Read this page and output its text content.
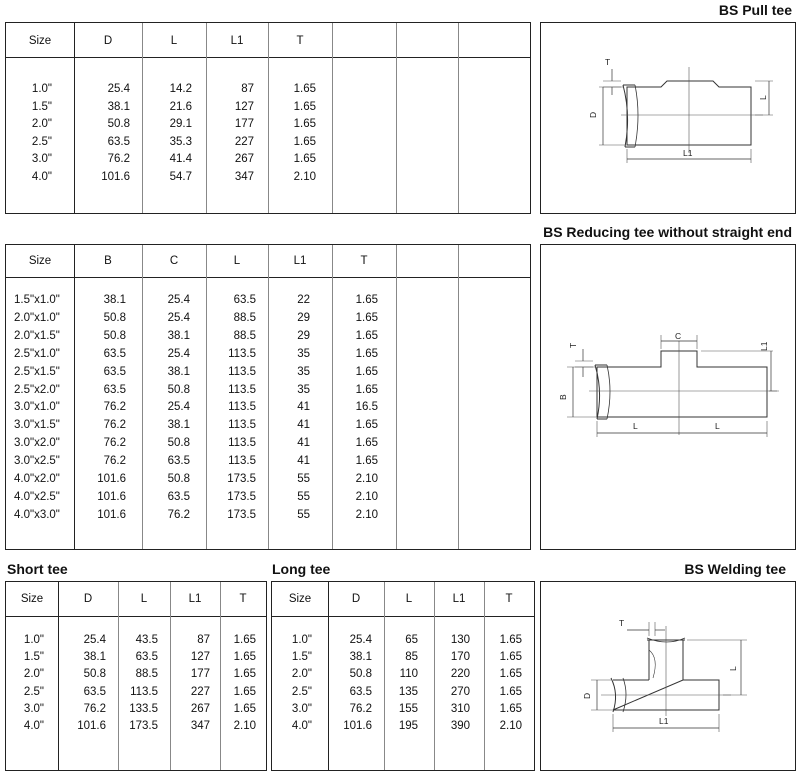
BS Pull tee
BS Reducing tee without straight end
Short tee	Long tee	BS Welding tee
Size	D	L	L1	T
1.0"	25.4	14.2	87	1.65
1.5"	38.1	21.6	127	1.65
2.0"	50.8	29.1	177	1.65
2.5"	63.5	35.3	227	1.65
3.0"	76.2	41.4	267	1.65
4.0"	101.6	54.7	347	2.10
Size	B	C	L	L1	T
1.5"x1.0"	38.1	25.4	63.5	22	1.65
2.0"x1.0"	50.8	25.4	88.5	29	1.65
2.0"x1.5"	50.8	38.1	88.5	29	1.65
2.5"x1.0"	63.5	25.4	113.5	35	1.65
2.5"x1.5"	63.5	38.1	113.5	35	1.65
2.5"x2.0"	63.5	50.8	113.5	35	1.65
3.0"x1.0"	76.2	25.4	113.5	41	16.5
3.0"x1.5"	76.2	38.1	113.5	41	1.65
3.0"x2.0"	76.2	50.8	113.5	41	1.65
3.0"x2.5"	76.2	63.5	113.5	41	1.65
4.0"x2.0"	101.6	50.8	173.5	55	2.10
4.0"x2.5"	101.6	63.5	173.5	55	2.10
4.0"x3.0"	101.6	76.2	173.5	55	2.10
Size	D	L	L1	T
1.0"	25.4	43.5	87	1.65
1.5"	38.1	63.5	127	1.65
2.0"	50.8	88.5	177	1.65
2.5"	63.5	113.5	227	1.65
3.0"	76.2	133.5	267	1.65
4.0"	101.6	173.5	347	2.10
Size	D	L	L1	T
1.0"	25.4	65	130	1.65
1.5"	38.1	85	170	1.65
2.0"	50.8	110	220	1.65
2.5"	63.5	135	270	1.65
3.0"	76.2	155	310	1.65
4.0"	101.6	195	390	2.10
T
D
L
L1
T
C
L1
B
L	L
T
L
D
L1
